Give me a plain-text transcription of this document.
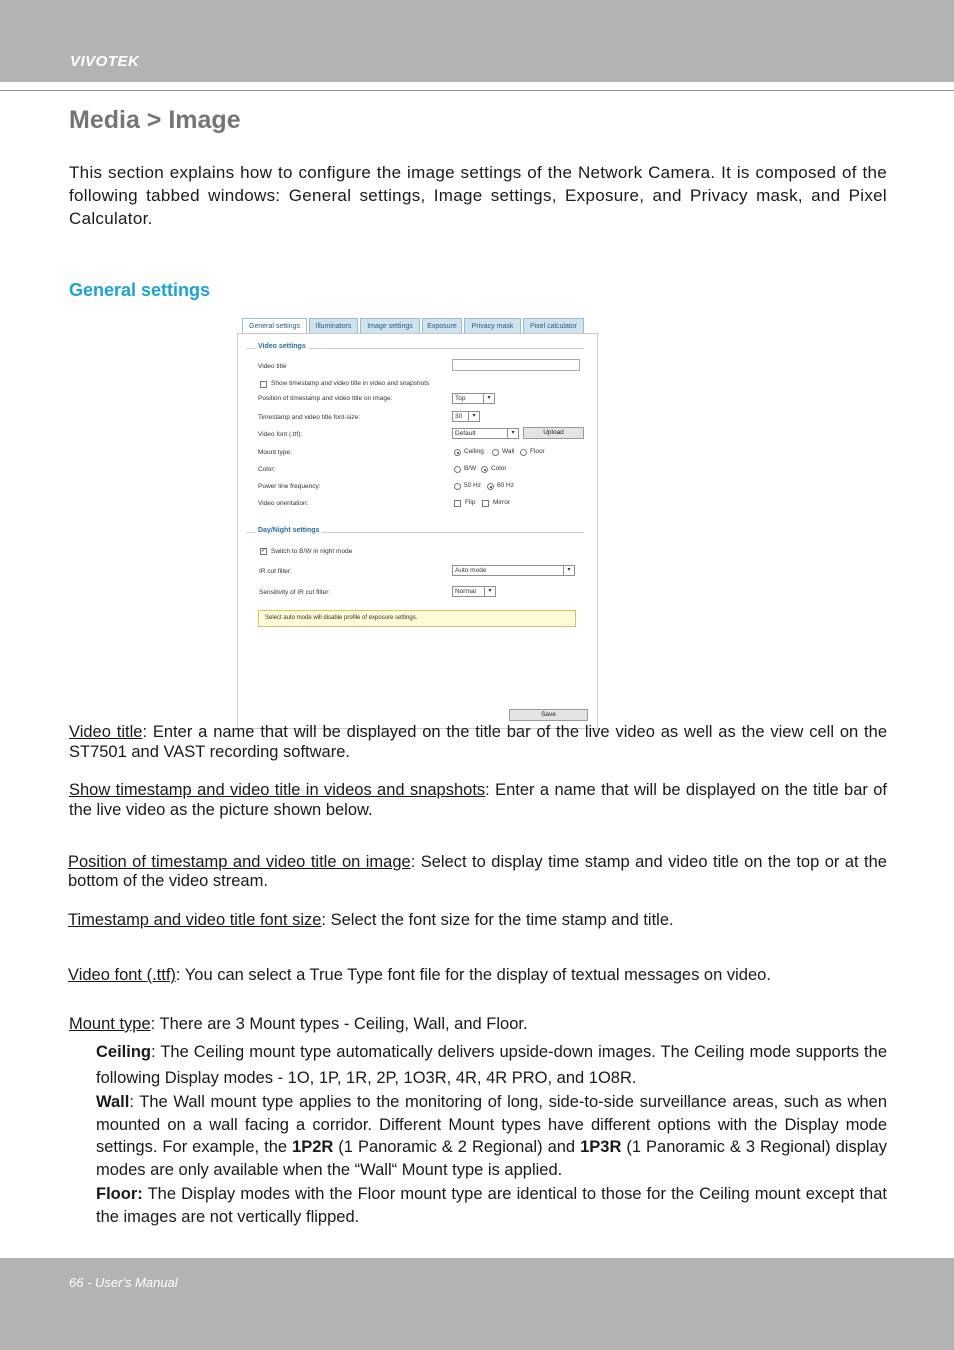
VIVOTEK
Media > Image
This section explains how to configure the image settings of the Network Camera. It is composed of the following tabbed windows: General settings, Image settings, Exposure, and Privacy mask, and Pixel Calculator.
General settings
General settings	Illuminators	Image settings	Exposure	Privacy mask	Pixel calculator
Video settings
Video title
Show timestamp and video title in video and snapshots
Position of timestamp and video title on image:	Top	▾
Timestamp and video title font-size:	30	▾
Video font (.ttf):	Default	▾	Upload
Mount type:	Ceiling	Wall Floor
Color:	B/W Color
Power line frequency:	50 Hz 60 Hz
Video orientation:	Flip	Mirror
Day/Night settings
✓ Switch to B/W in night mode
IR cut filter:	Auto mode	▾
Sensitivity of IR cut filter:	Normal	▾
Select auto mode will disable profile of exposure settings.
Save
Video title: Enter a name that will be displayed on the title bar of the live video as well as the view cell on the ST7501 and VAST recording software.
Show timestamp and video title in videos and snapshots: Enter a name that will be displayed on the title bar of the live video as the picture shown below.
Position of timestamp and video title on image: Select to display time stamp and video title on the top or at the bottom of the video stream.
Timestamp and video title font size: Select the font size for the time stamp and title.
Video font (.ttf): You can select a True Type font file for the display of textual messages on video.
Mount type: There are 3 Mount types - Ceiling, Wall, and Floor.
Ceiling: The Ceiling mount type automatically delivers upside-down images. The Ceiling mode supports the following Display modes - 1O, 1P, 1R, 2P, 1O3R, 4R, 4R PRO, and 1O8R.
Wall: The Wall mount type applies to the monitoring of long, side-to-side surveillance areas, such as when mounted on a wall facing a corridor. Different Mount types have different options with the Display mode settings. For example, the 1P2R (1 Panoramic & 2 Regional) and 1P3R (1 Panoramic & 3 Regional) display modes are only available when the “Wall“ Mount type is applied.
Floor: The Display modes with the Floor mount type are identical to those for the Ceiling mount except that the images are not vertically flipped.
66 - User's Manual
